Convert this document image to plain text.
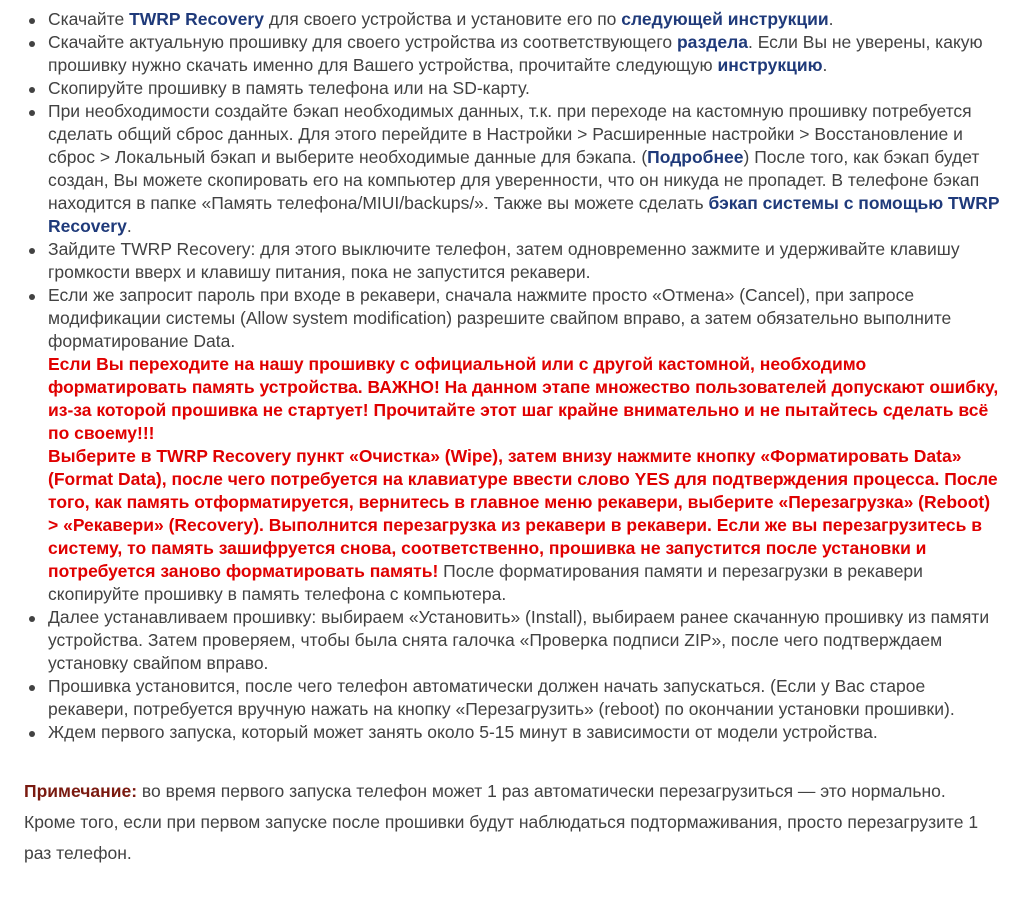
Скачайте TWRP Recovery для своего устройства и установите его по следующей инструкции.
Скачайте актуальную прошивку для своего устройства из соответствующего раздела. Если Вы не уверены, какую прошивку нужно скачать именно для Вашего устройства, прочитайте следующую инструкцию.
Скопируйте прошивку в память телефона или на SD-карту.
При необходимости создайте бэкап необходимых данных, т.к. при переходе на кастомную прошивку потребуется сделать общий сброс данных. Для этого перейдите в Настройки > Расширенные настройки > Восстановление и сброс > Локальный бэкап и выберите необходимые данные для бэкапа. (Подробнее) После того, как бэкап будет создан, Вы можете скопировать его на компьютер для уверенности, что он никуда не пропадет. В телефоне бэкап находится в папке «Память телефона/MIUI/backups/». Также вы можете сделать бэкап системы с помощью TWRP Recovery.
Зайдите TWRP Recovery: для этого выключите телефон, затем одновременно зажмите и удерживайте клавишу громкости вверх и клавишу питания, пока не запустится рекавери.
Если же запросит пароль при входе в рекавери, сначала нажмите просто «Отмена» (Cancel), при запросе модификации системы (Allow system modification) разрешите свайпом вправо, а затем обязательно выполните форматирование Data.
Если Вы переходите на нашу прошивку с официальной или с другой кастомной, необходимо форматировать память устройства. ВАЖНО! На данном этапе множество пользователей допускают ошибку, из-за которой прошивка не стартует! Прочитайте этот шаг крайне внимательно и не пытайтесь сделать всё по своему!!!
Выберите в TWRP Recovery пункт «Очистка» (Wipe), затем внизу нажмите кнопку «Форматировать Data» (Format Data), после чего потребуется на клавиатуре ввести слово YES для подтверждения процесса. После того, как память отформатируется, вернитесь в главное меню рекавери, выберите «Перезагрузка» (Reboot) > «Рекавери» (Recovery). Выполнится перезагрузка из рекавери в рекавери. Если же вы перезагрузитесь в систему, то память зашифруется снова, соответственно, прошивка не запустится после установки и потребуется заново форматировать память! После форматирования памяти и перезагрузки в рекавери скопируйте прошивку в память телефона с компьютера.
Далее устанавливаем прошивку: выбираем «Установить» (Install), выбираем ранее скачанную прошивку из памяти устройства. Затем проверяем, чтобы была снята галочка «Проверка подписи ZIP», после чего подтверждаем установку свайпом вправо.
Прошивка установится, после чего телефон автоматически должен начать запускаться. (Если у Вас старое рекавери, потребуется вручную нажать на кнопку «Перезагрузить» (reboot) по окончании установки прошивки).
Ждем первого запуска, который может занять около 5-15 минут в зависимости от модели устройства.

Примечание: во время первого запуска телефон может 1 раз автоматически перезагрузиться — это нормально. Кроме того, если при первом запуске после прошивки будут наблюдаться подтормаживания, просто перезагрузите 1 раз телефон.
